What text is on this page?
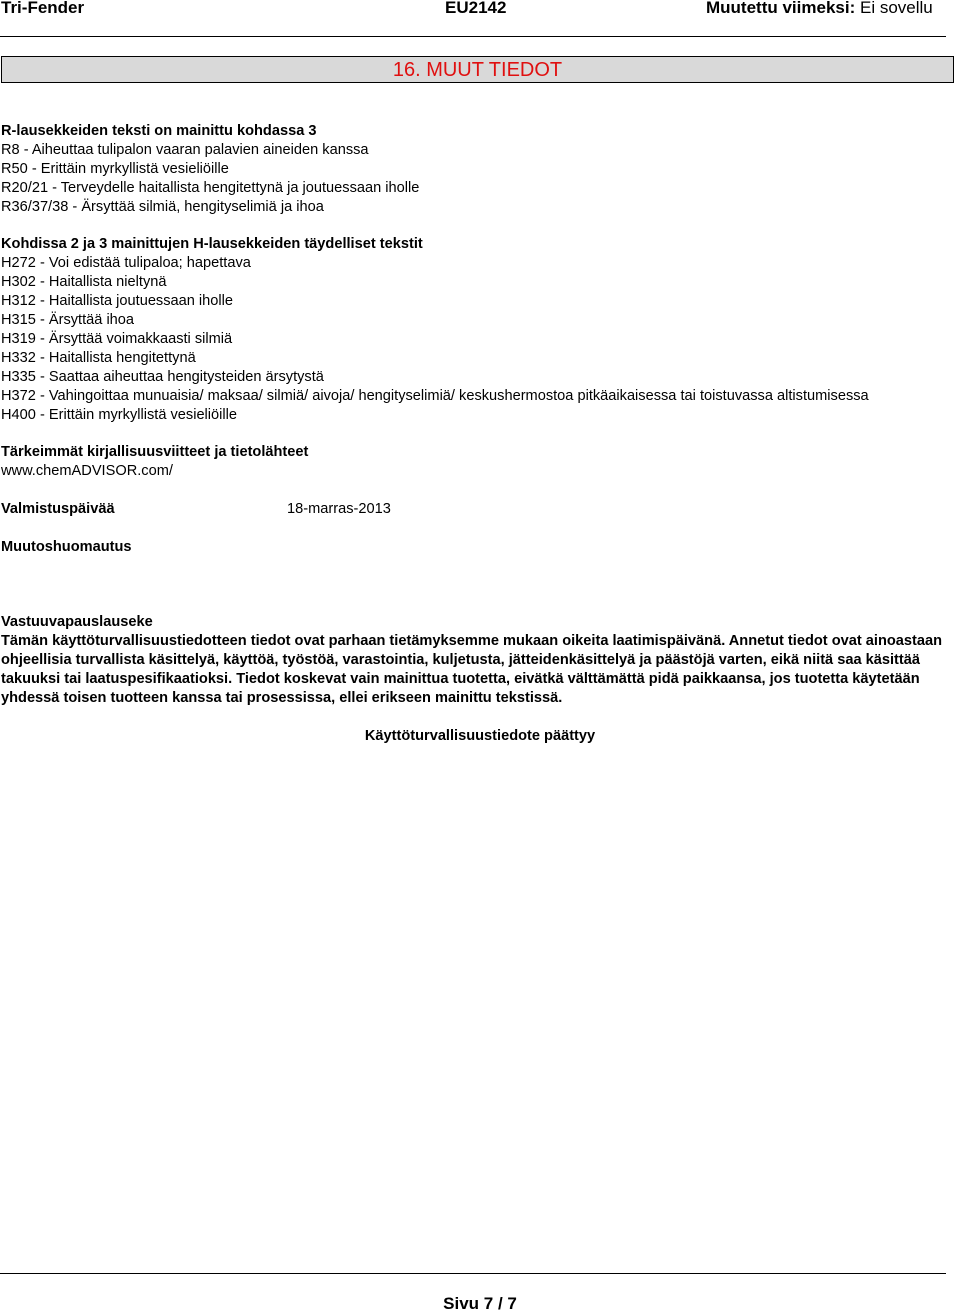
Tri-Fender	EU2142	Muutettu viimeksi: Ei sovellu
16. MUUT TIEDOT
R-lausekkeiden teksti on mainittu kohdassa 3
R8 - Aiheuttaa tulipalon vaaran palavien aineiden kanssa
R50 - Erittäin myrkyllistä vesieliöille
R20/21 - Terveydelle haitallista hengitettynä ja joutuessaan iholle
R36/37/38 - Ärsyttää silmiä, hengityselimiä ja ihoa
Kohdissa 2 ja 3 mainittujen H-lausekkeiden täydelliset tekstit
H272 - Voi edistää tulipaloa; hapettava
H302 - Haitallista nieltynä
H312 - Haitallista joutuessaan iholle
H315 - Ärsyttää ihoa
H319 - Ärsyttää voimakkaasti silmiä
H332 - Haitallista hengitettynä
H335 - Saattaa aiheuttaa hengitysteiden ärsytystä
H372 - Vahingoittaa munuaisia/ maksaa/ silmiä/ aivoja/ hengityselimiä/ keskushermostoa pitkäaikaisessa tai toistuvassa altistumisessa
H400 - Erittäin myrkyllistä vesieliöille
Tärkeimmät kirjallisuusviitteet ja tietolähteet
www.chemADVISOR.com/
Valmistuspäivää	18-marras-2013
Muutoshuomautus
Vastuuvapauslauseke
Tämän käyttöturvallisuustiedotteen tiedot ovat parhaan tietämyksemme mukaan oikeita laatimispäivänä. Annetut tiedot ovat ainoastaan ohjeellisia turvallista käsittelyä, käyttöä, työstöä, varastointia, kuljetusta, jätteidenkäsittelyä ja päästöjä varten, eikä niitä saa käsittää takuuksi tai laatuspesifikaatioksi. Tiedot koskevat vain mainittua tuotetta, eivätkä välttämättä pidä paikkaansa, jos tuotetta käytetään yhdessä toisen tuotteen kanssa tai prosessissa, ellei erikseen mainittu tekstissä.
Käyttöturvallisuustiedote päättyy
Sivu 7 / 7
